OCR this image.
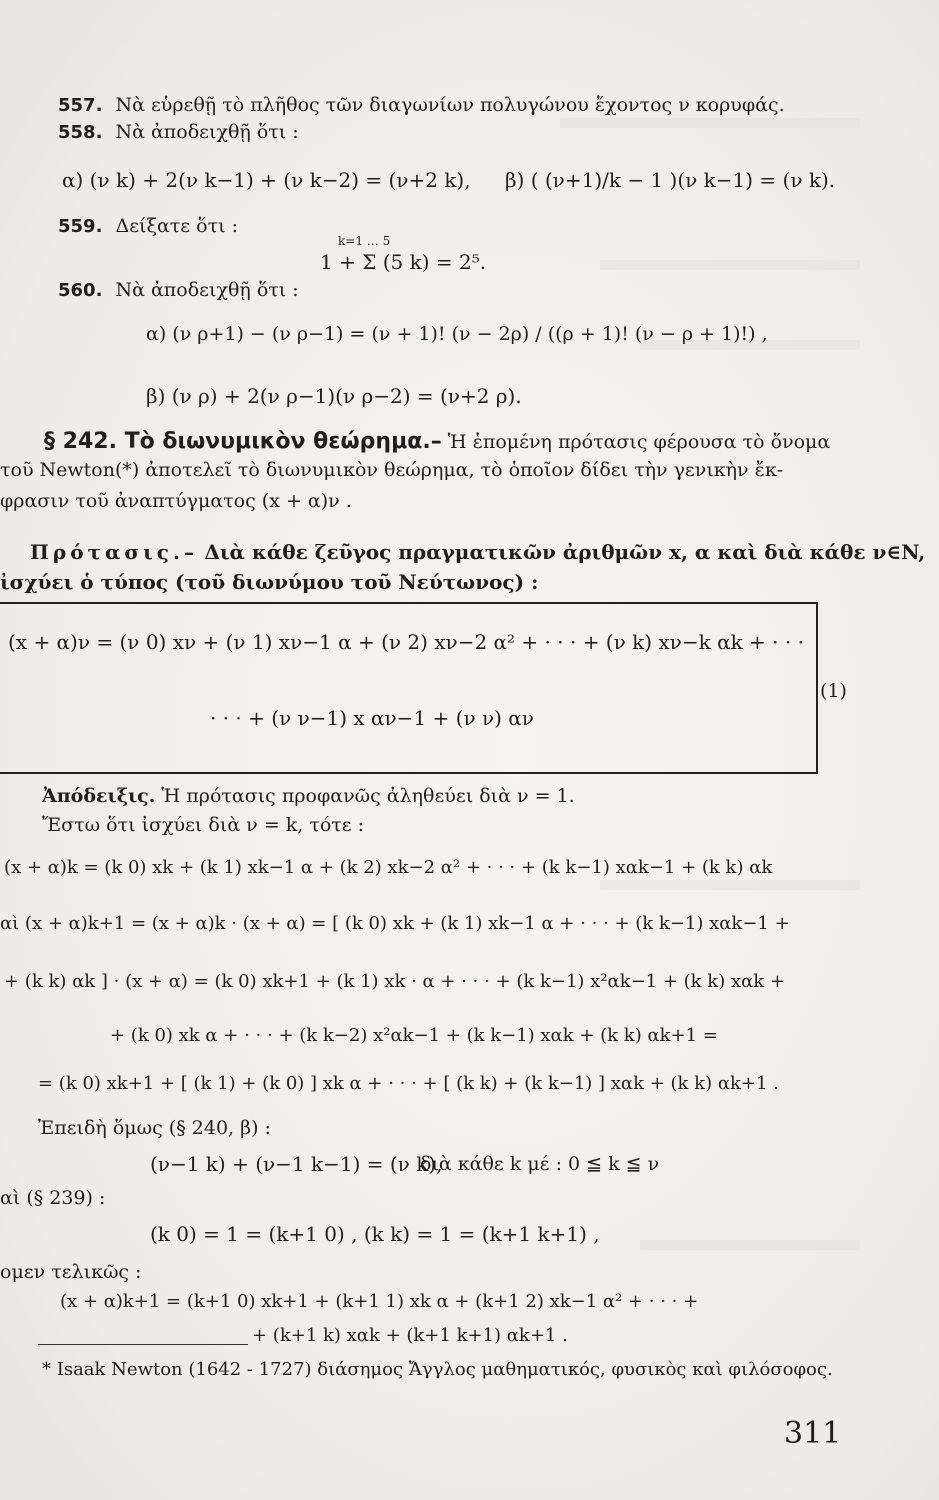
557. Νὰ εὑρεθῇ τὸ πλῆθος τῶν διαγωνίων πολυγώνου ἔχοντος ν κορυφάς.
558. Νὰ ἀποδειχθῇ ὅτι :
α) (ν k) + 2(ν k−1) + (ν k−2) = (ν+2 k), β) ( (ν+1)/k − 1 )(ν k−1) = (ν k).
559. Δείξατε ὅτι :
1 + Σ (5 k) = 2⁵.
k=1 … 5
560. Νὰ ἀποδειχθῇ ὅτι :
α) (ν ρ+1) − (ν ρ−1) = (ν + 1)! (ν − 2ρ) / ((ρ + 1)! (ν − ρ + 1)!) ,
β) (ν ρ) + 2(ν ρ−1)(ν ρ−2) = (ν+2 ρ).
§ 242. Τὸ διωνυμικὸν θεώρημα.– Ἡ ἑπομένη πρότασις φέρουσα τὸ ὄνομα
τοῦ Newton(*) ἀποτελεῖ τὸ διωνυμικὸν θεώρημα, τὸ ὁποῖον δίδει τὴν γενικὴν ἔκ-
φρασιν τοῦ ἀναπτύγματος (x + α)ν .
Πρότασις.– Διὰ κάθε ζεῦγος πραγματικῶν ἀριθμῶν x, α καὶ διὰ κάθε ν∈N,
ἰσχύει ὁ τύπος (τοῦ διωνύμου τοῦ Νεύτωνος) :
(x + α)ν = (ν 0) xν + (ν 1) xν−1 α + (ν 2) xν−2 α² + · · · + (ν k) xν−k αk + · · ·
· · · + (ν ν−1) x αν−1 + (ν ν) αν
(1)
Ἀπόδειξις. Ἡ πρότασις προφανῶς ἀληθεύει διὰ ν = 1.
Ἔστω ὅτι ἰσχύει διὰ ν = k, τότε :
(x + α)k = (k 0) xk + (k 1) xk−1 α + (k 2) xk−2 α² + · · · + (k k−1) xαk−1 + (k k) αk
αὶ (x + α)k+1 = (x + α)k · (x + α) = [ (k 0) xk + (k 1) xk−1 α + · · · + (k k−1) xαk−1 +
+ (k k) αk ] · (x + α) = (k 0) xk+1 + (k 1) xk · α + · · · + (k k−1) x²αk−1 + (k k) xαk +
+ (k 0) xk α + · · · + (k k−2) x²αk−1 + (k k−1) xαk + (k k) αk+1 =
= (k 0) xk+1 + [ (k 1) + (k 0) ] xk α + · · · + [ (k k) + (k k−1) ] xαk + (k k) αk+1 .
Ἐπειδὴ ὅμως (§ 240, β) :
(ν−1 k) + (ν−1 k−1) = (ν k),
διὰ κάθε k μέ : 0 ≦ k ≦ ν
αὶ (§ 239) :
(k 0) = 1 = (k+1 0) , (k k) = 1 = (k+1 k+1) ,
ομεν τελικῶς :
(x + α)k+1 = (k+1 0) xk+1 + (k+1 1) xk α + (k+1 2) xk−1 α² + · · · +
+ (k+1 k) xαk + (k+1 k+1) αk+1 .
* Isaak Newton (1642 - 1727) διάσημος Ἄγγλος μαθηματικός, φυσικὸς καὶ φιλόσοφος.
311
